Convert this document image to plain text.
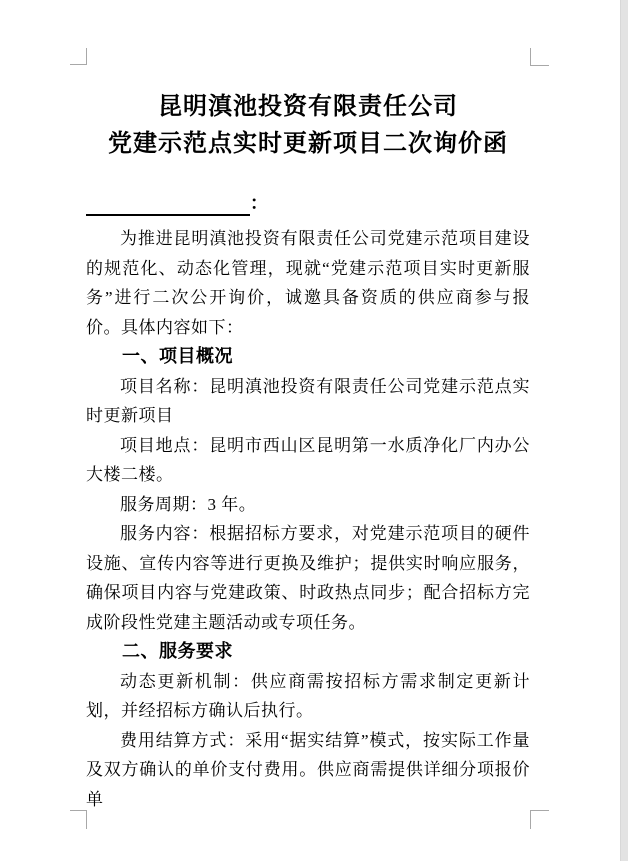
昆明滇池投资有限责任公司
党建示范点实时更新项目二次询价函
：

为推进昆明滇池投资有限责任公司党建示范项目建设的规范化、动态化管理，现就“党建示范项目实时更新服务”进行二次公开询价，诚邀具备资质的供应商参与报价。具体内容如下：

一、项目概况

项目名称：昆明滇池投资有限责任公司党建示范点实时更新项目

项目地点：昆明市西山区昆明第一水质净化厂内办公大楼二楼。

服务周期：3 年。

服务内容：根据招标方要求，对党建示范项目的硬件设施、宣传内容等进行更换及维护；提供实时响应服务，确保项目内容与党建政策、时政热点同步；配合招标方完成阶段性党建主题活动或专项任务。

二、服务要求

动态更新机制：供应商需按招标方需求制定更新计划，并经招标方确认后执行。

费用结算方式：采用“据实结算”模式，按实际工作量及双方确认的单价支付费用。供应商需提供详细分项报价单
